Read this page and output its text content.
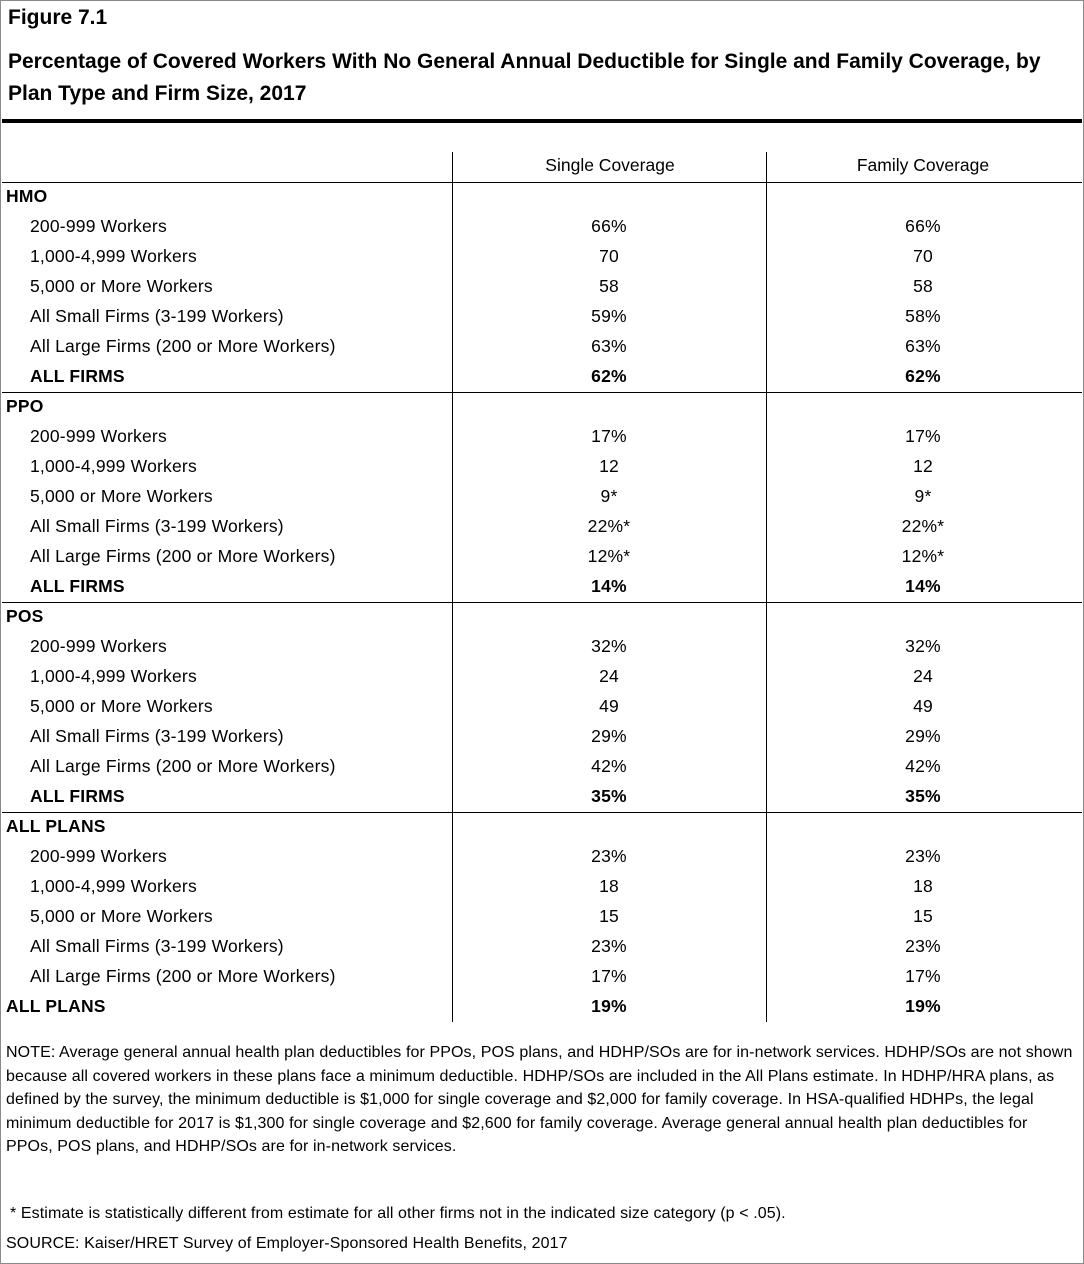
Figure 7.1
Percentage of Covered Workers With No General Annual Deductible for Single and Family Coverage, by Plan Type and Firm Size, 2017
Single Coverage	Family Coverage
HMO
200-999 Workers	66%	66%
1,000-4,999 Workers	70	70
5,000 or More Workers	58	58
All Small Firms (3-199 Workers)	59%	58%
All Large Firms (200 or More Workers)	63%	63%
ALL FIRMS	62%	62%
PPO
200-999 Workers	17%	17%
1,000-4,999 Workers	12	12
5,000 or More Workers	9*	9*
All Small Firms (3-199 Workers)	22%*	22%*
All Large Firms (200 or More Workers)	12%*	12%*
ALL FIRMS	14%	14%
POS
200-999 Workers	32%	32%
1,000-4,999 Workers	24	24
5,000 or More Workers	49	49
All Small Firms (3-199 Workers)	29%	29%
All Large Firms (200 or More Workers)	42%	42%
ALL FIRMS	35%	35%
ALL PLANS
200-999 Workers	23%	23%
1,000-4,999 Workers	18	18
5,000 or More Workers	15	15
All Small Firms (3-199 Workers)	23%	23%
All Large Firms (200 or More Workers)	17%	17%
ALL PLANS	19%	19%
NOTE: Average general annual health plan deductibles for PPOs, POS plans, and HDHP/SOs are for in-network services. HDHP/SOs are not shown because all covered workers in these plans face a minimum deductible. HDHP/SOs are included in the All Plans estimate. In HDHP/HRA plans, as defined by the survey, the minimum deductible is $1,000 for single coverage and $2,000 for family coverage. In HSA-qualified HDHPs, the legal minimum deductible for 2017 is $1,300 for single coverage and $2,600 for family coverage. Average general annual health plan deductibles for PPOs, POS plans, and HDHP/SOs are for in-network services.
* Estimate is statistically different from estimate for all other firms not in the indicated size category (p < .05).
SOURCE: Kaiser/HRET Survey of Employer-Sponsored Health Benefits, 2017
